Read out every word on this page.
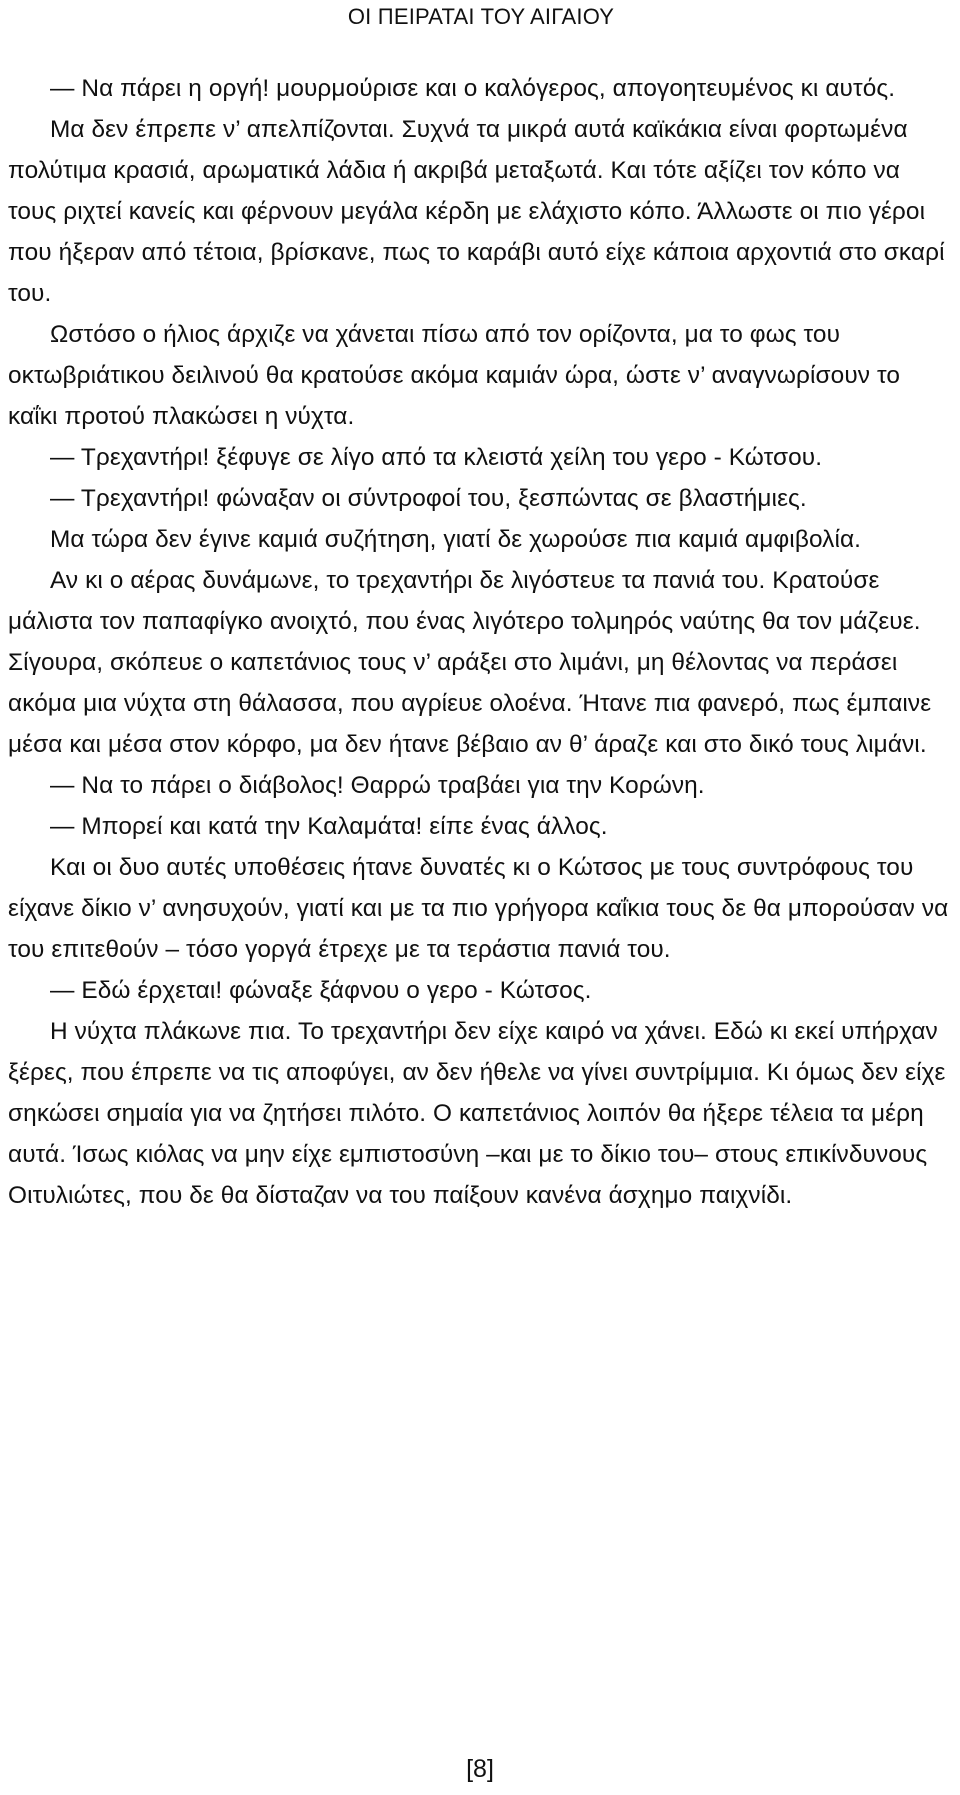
ΟΙ ΠΕΙΡΑΤΑΙ ΤΟΥ ΑΙΓΑΙΟΥ

— Να πάρει η οργή! μουρμούρισε και ο καλόγερος, απογοητευμένος κι αυτός.

Μα δεν έπρεπε ν’ απελπίζονται. Συχνά τα μικρά αυτά καϊκάκια είναι φορτωμένα πολύτιμα κρασιά, αρωματικά λάδια ή ακριβά μεταξωτά. Και τότε αξίζει τον κόπο να τους ριχτεί κανείς και φέρνουν μεγάλα κέρδη με ελάχιστο κόπο. Άλλωστε οι πιο γέροι που ήξεραν από τέτοια, βρίσκανε, πως το καράβι αυτό είχε κάποια αρχοντιά στο σκαρί του.

Ωστόσο ο ήλιος άρχιζε να χάνεται πίσω από τον ορίζοντα, μα το φως του οκτωβριάτικου δειλινού θα κρατούσε ακόμα καμιάν ώρα, ώστε ν’ αναγνωρίσουν το καΐκι προτού πλακώσει η νύχτα.

— Τρεχαντήρι! ξέφυγε σε λίγο από τα κλειστά χείλη του γερο - Κώτσου.

— Τρεχαντήρι! φώναξαν οι σύντροφοί του, ξεσπώντας σε βλαστήμιες.

Μα τώρα δεν έγινε καμιά συζήτηση, γιατί δε χωρούσε πια καμιά αμφιβολία.

Αν κι ο αέρας δυνάμωνε, το τρεχαντήρι δε λιγόστευε τα πανιά του. Κρατούσε μάλιστα τον παπαφίγκο ανοιχτό, που ένας λιγότερο τολμηρός ναύτης θα τον μάζευε. Σίγουρα, σκόπευε ο καπετάνιος τους ν’ αράξει στο λιμάνι, μη θέλοντας να περάσει ακόμα μια νύχτα στη θάλασσα, που αγρίευε ολοένα. Ήτανε πια φανερό, πως έμπαινε μέσα και μέσα στον κόρφο, μα δεν ήτανε βέβαιο αν θ’ άραζε και στο δικό τους λιμάνι.

— Να το πάρει ο διάβολος! Θαρρώ τραβάει για την Κορώνη.

— Μπορεί και κατά την Καλαμάτα! είπε ένας άλλος.

Και οι δυο αυτές υποθέσεις ήτανε δυνατές κι ο Κώτσος με τους συντρόφους του είχανε δίκιο ν’ ανησυχούν, γιατί και με τα πιο γρήγορα καΐκια τους δε θα μπορούσαν να του επιτεθούν – τόσο γοργά έτρεχε με τα τεράστια πανιά του.

— Εδώ έρχεται! φώναξε ξάφνου ο γερο - Κώτσος.

Η νύχτα πλάκωνε πια. Το τρεχαντήρι δεν είχε καιρό να χάνει. Εδώ κι εκεί υπήρχαν ξέρες, που έπρεπε να τις αποφύγει, αν δεν ήθελε να γίνει συντρίμμια. Κι όμως δεν είχε σηκώσει σημαία για να ζητήσει πιλότο. Ο καπετάνιος λοιπόν θα ήξερε τέλεια τα μέρη αυτά. Ίσως κιόλας να μην είχε εμπιστοσύνη –και με το δίκιο του– στους επικίνδυνους Οιτυλιώτες, που δε θα δίσταζαν να του παίξουν κανένα άσχημο παιχνίδι.

[8]
